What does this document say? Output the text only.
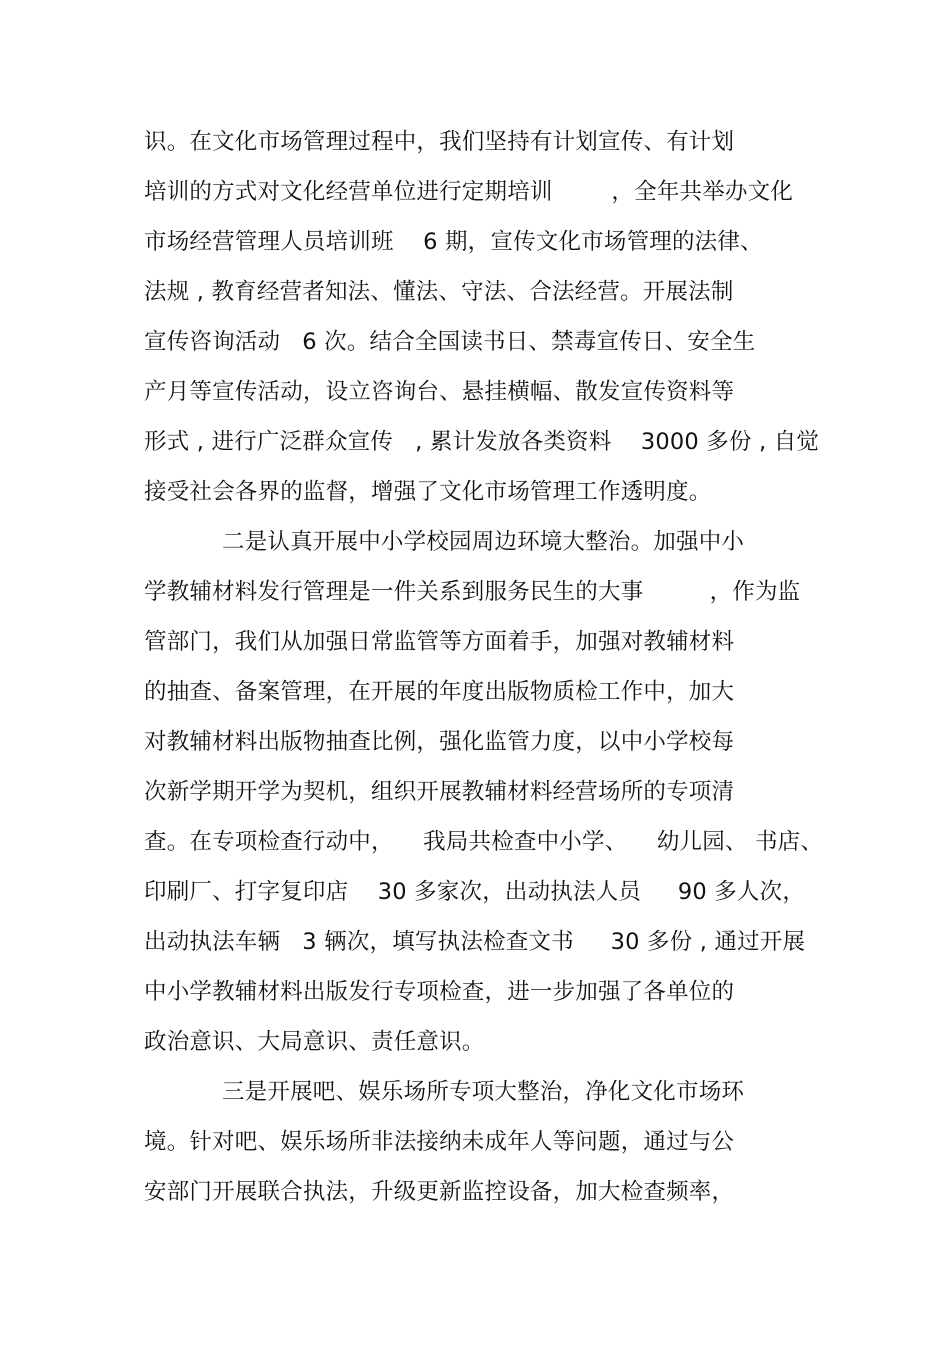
识。在文化市场管理过程中，我们坚持有计划宣传、有计划
培训的方式对文化经营单位进行定期培训        ，全年共举办文化
市场经营管理人员培训班    6 期，宣传文化市场管理的法律、
法规 , 教育经营者知法、懂法、守法、合法经营。开展法制
宣传咨询活动   6 次。结合全国读书日、禁毒宣传日、安全生
产月等宣传活动，设立咨询台、悬挂横幅、散发宣传资料等
形式 , 进行广泛群众宣传   , 累计发放各类资料    3000 多份 , 自觉
接受社会各界的监督，增强了文化市场管理工作透明度。
二是认真开展中小学校园周边环境大整治。加强中小
学教辅材料发行管理是一件关系到服务民生的大事         ，作为监
管部门，我们从加强日常监管等方面着手，加强对教辅材料
的抽查、备案管理，在开展的年度出版物质检工作中，加大
对教辅材料出版物抽查比例，强化监管力度，以中小学校每
次新学期开学为契机，组织开展教辅材料经营场所的专项清
查。在专项检查行动中，    我局共检查中小学、    幼儿园、 书店、
印刷厂、打字复印店    30 多家次，出动执法人员     90 多人次，
出动执法车辆   3 辆次，填写执法检查文书     30 多份 , 通过开展
中小学教辅材料出版发行专项检查，进一步加强了各单位的
政治意识、大局意识、责任意识。
三是开展吧、娱乐场所专项大整治，净化文化市场环
境。针对吧、娱乐场所非法接纳未成年人等问题，通过与公
安部门开展联合执法，升级更新监控设备，加大检查频率，
